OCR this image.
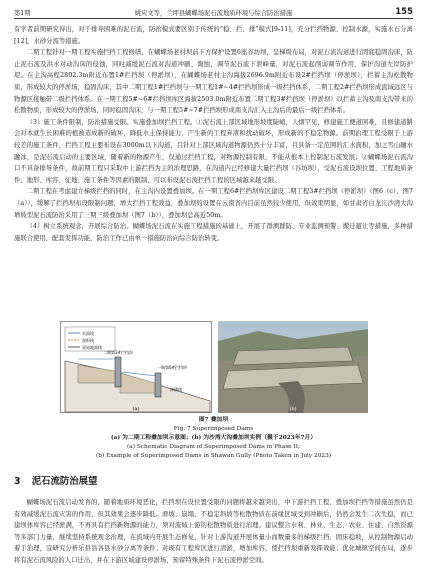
第1期	姚应文等，兰坪县蝴蝶场泥石流地质环境与综合防治措施	155

有学者前期研究得出，对于排导困难的泥石流，防治模式要区别于传统的“稳、拦、排”模式[9-11]，充分拦挡物源、控制水源，实施水石分离[12]，水砂分流等措施。

二期工程针对一期工程实施拦挡工程修缮，在蝴蝶场老村坝前下方保护设置6座谷坊坝，呈梯级布局，对泥石流沟道进行固底稳固沟床，防止泥石流及洪水对动沟床的侵蚀，同时减缓泥石流对沟道冲刷、淘蚀，调节泥石流下泄峰量，对泥石流起削弱调节作用，保护沟道左岸防护堤。在主沟高程2802.3m附近布置1#拦挡坝（停淤坝），在蝴蝶场老村主沟海拔2696.9m附近布设2#拦挡坝（停淤坝），拦蓄主沟松散物质，形成较大的停淤场，稳固沟床，其中二期工程1#拦挡坝与一期工程1#~4#拦挡坝形成一级拦挡体系，二期工程2#拦挡坝形成流域远区与物源区接触带二级拦挡体系。在一期工程5#~6#拦挡坝库区海拔2503.0m附近布置二期工程3#拦挡坝（停淤坝）以拦蓄主沟及南支沟带来的松散物质，形成较大的停淤场，同时稳固沟床，与一期工程5#~7#拦挡坝形成南支沟汇入主沟后的最后一级拦挡体系。

（3）施工条件限制，防治措施受限。实施叠加坝拦挡工程。①泥石流上部区域地形坡度陡峭，人烟罕见，修建施工便道困难，且修建道路会对本就生长困难的植被造成新的破坏，降低水土保持能力，产生新的工程弃渣和扰动破坏，形成新的不稳定物源。前期治理工程受限于上游较差的施工条件，拦挡工程主要布设在3000m以下沟道，且针对上部区域沟道物源仍然十分丰富，且具备一定范围的汇水面积，加之雪山融水融冰，是泥石流启动的主要区域，随着新的物源产生，仅通过拦挡工程，对物源控制有限，不能从根本上控制泥石流发展；②蝴蝶场泥石流沟口不具备排导条件，故前期工程只采取中上游拦挡为主的治理思路，在沟道内已经修建大量拦挡坝（谷坊坝），受泥石流设坝位置、工程地质条件、地形、库容、征地、施工条件等因素的限制，可以布设泥石流拦挡工程的区域越来越受限。

二期工程在考虑建立梯级拦挡的同时，在主沟内设置叠加坝。在一期工程6#拦挡坝库区建设二期工程3#拦挡坝（停淤坝）（图6（c）、图7（a）），缓解了拦挡坝布设限制问题，增大拦挡工程效益，叠加坝的设置在云南省内目前虽然较少使用，但效果明显，如甘肃省白龙江沙湾大沟增坡型泥石流防治采用了三期三级叠加坝（图7（b）），叠加坝总高近50m。

（4）树立系统观念，开展综合防治。蝴蝶场泥石流在实施工程措施的基础上，开展了群测群防、专业监测预警、搬迁避让等措施，多种措施联合使用，配套发挥功能，防治工作已由单一措施防治向综合防治转变。

水面线
淤积线
原始地面线
二期第3#拦挡坝
一期第6#拦挡坝
冲刷线
(a)	(b)
图7 叠加坝
Fig. 7 Superimposed Dams
(a) 为二期工程叠加坝示意图；(b) 为沙湾大沟叠加坝实例（摄于2023年7月）
(a) Schematic Diagram of Superimposed Dams in Phase II;
(b) Example of Superimposed Dams in Shawan Gully (Photo Taken in July 2023)
3 泥石流防治展望

蝴蝶场泥石流启动发育的，随着地质环境恶化，拦挡坝在设位置受限的问题将越来越突出，中下游拦挡工程、叠加坝拦挡等措施虽然仍是有效减缓泥石流灾害的作用，但其效果会逐步降低。滑坡、崩塌、不稳定斜坡等松散物质在前缘区域受到冲刷后，仍然会发生二次失稳，而已建坝体库容已经淤满，不再具有拦挡新物源的能力，须对流域上游的松散物质进行治理。建议整合水利、林业、生态、农业、住建、自然资源等多部门力量，继续坚持系统观念治理，在流域内开展生态修复，针对上游沟道开展体量小而数量多的梯级拦挡、固床稳坡，从控制物源启动着手治理，宜研究分析乐县县各县水砂分离等条件；对现有工程库区进行清淤，增加库容，使拦挡坝重新发挥效能；优化城镇空间布局，逐步将有泥石流风险的人口迁出，并在下游区域建设停淤场，预留特殊条件下泥石流停淤空间。
